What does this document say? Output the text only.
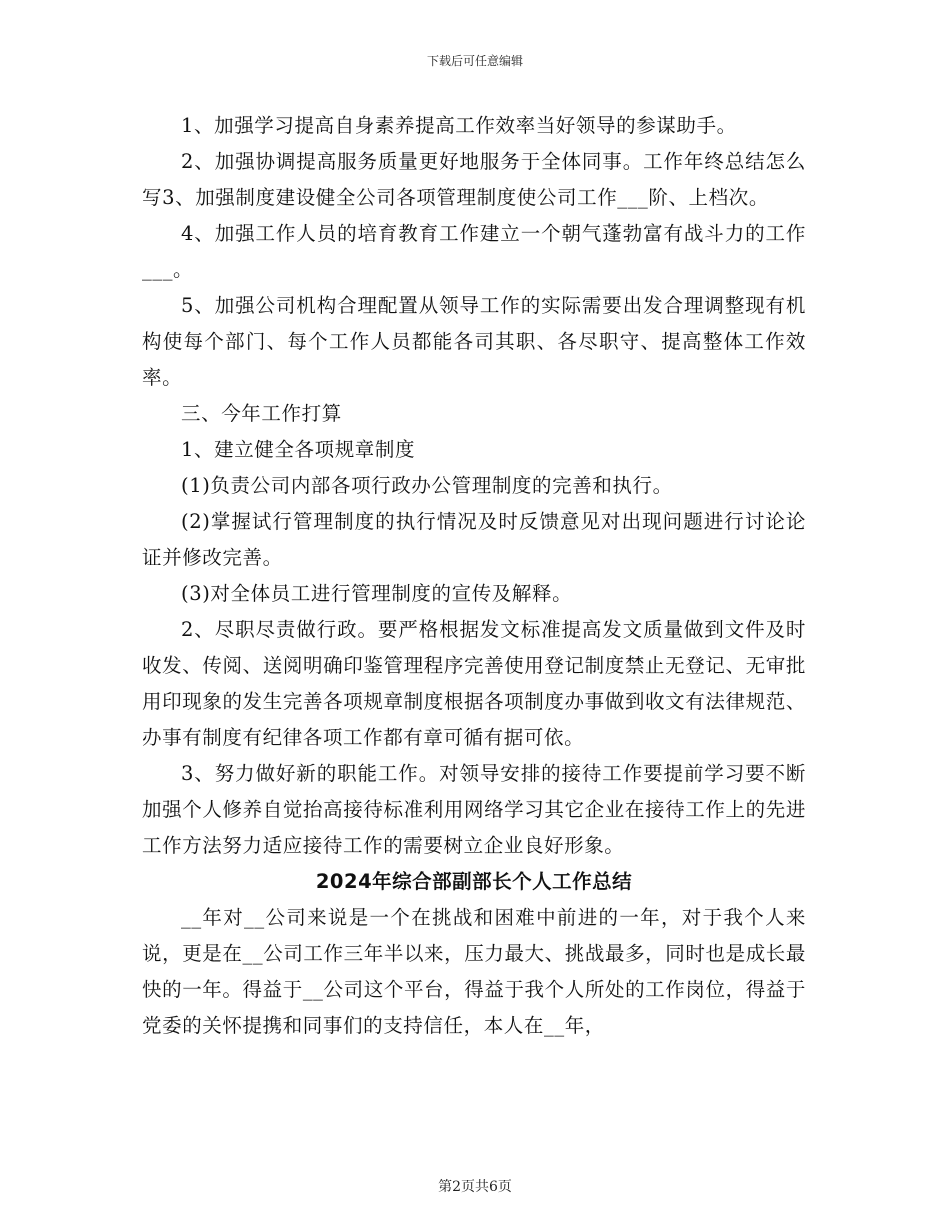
下载后可任意编辑

1、加强学习提高自身素养提高工作效率当好领导的参谋助手。

2、加强协调提高服务质量更好地服务于全体同事。工作年终总结怎么写3、加强制度建设健全公司各项管理制度使公司工作___阶、上档次。

4、加强工作人员的培育教育工作建立一个朝气蓬勃富有战斗力的工作___。

5、加强公司机构合理配置从领导工作的实际需要出发合理调整现有机构使每个部门、每个工作人员都能各司其职、各尽职守、提高整体工作效率。

三、今年工作打算

1、建立健全各项规章制度

(1)负责公司内部各项行政办公管理制度的完善和执行。

(2)掌握试行管理制度的执行情况及时反馈意见对出现问题进行讨论论证并修改完善。

(3)对全体员工进行管理制度的宣传及解释。

2、尽职尽责做行政。要严格根据发文标准提高发文质量做到文件及时收发、传阅、送阅明确印鉴管理程序完善使用登记制度禁止无登记、无审批用印现象的发生完善各项规章制度根据各项制度办事做到收文有法律规范、办事有制度有纪律各项工作都有章可循有据可依。

3、努力做好新的职能工作。对领导安排的接待工作要提前学习要不断加强个人修养自觉抬高接待标准利用网络学习其它企业在接待工作上的先进工作方法努力适应接待工作的需要树立企业良好形象。

2024年综合部副部长个人工作总结

__年对__公司来说是一个在挑战和困难中前进的一年，对于我个人来说，更是在__公司工作三年半以来，压力最大、挑战最多，同时也是成长最快的一年。得益于__公司这个平台，得益于我个人所处的工作岗位，得益于党委的关怀提携和同事们的支持信任，本人在__年，

第2页共6页
